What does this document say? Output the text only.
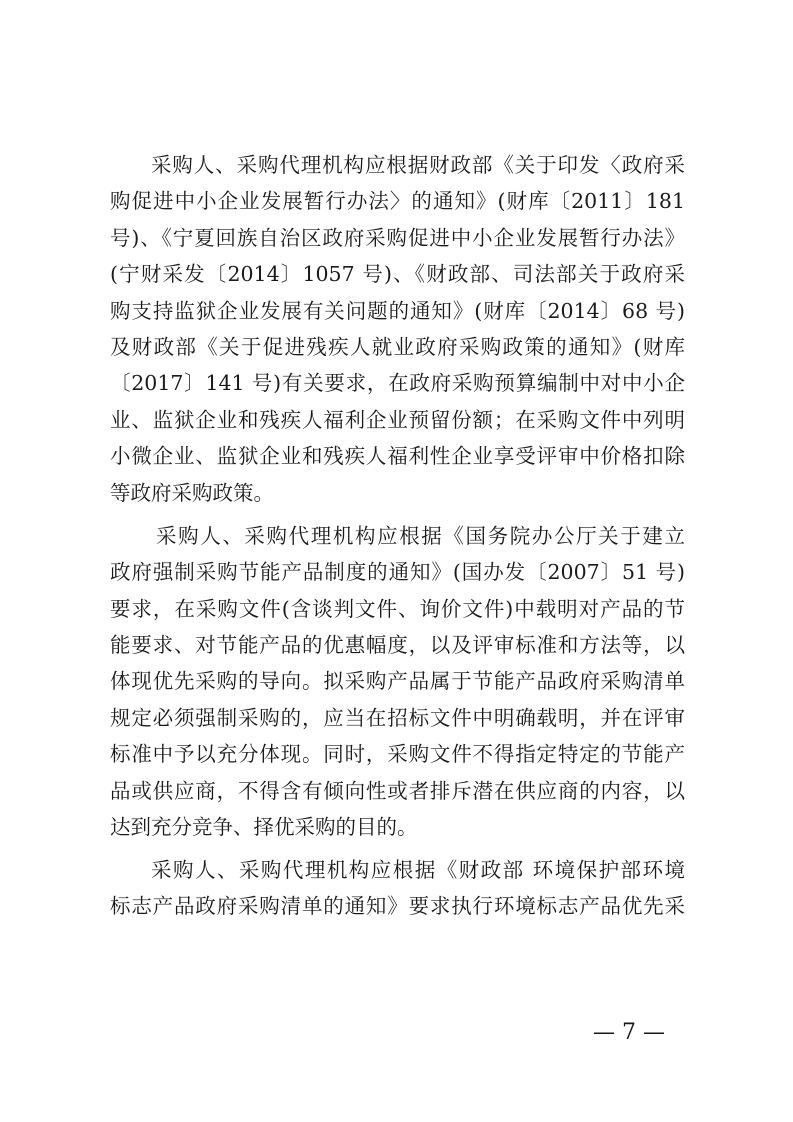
采购人、采购代理机构应根据财政部《关于印发〈政府采
购促进中小企业发展暂行办法〉的通知》(财库〔2011〕181
号)、《宁夏回族自治区政府采购促进中小企业发展暂行办法》
(宁财采发〔2014〕1057 号)、《财政部、司法部关于政府采
购支持监狱企业发展有关问题的通知》(财库〔2014〕68 号)
及财政部《关于促进残疾人就业政府采购政策的通知》(财库
〔2017〕141 号)有关要求，在政府采购预算编制中对中小企
业、监狱企业和残疾人福利企业预留份额；在采购文件中列明
小微企业、监狱企业和残疾人福利性企业享受评审中价格扣除
等政府采购政策。
采购人、采购代理机构应根据《国务院办公厅关于建立
政府强制采购节能产品制度的通知》(国办发〔2007〕51 号)
要求，在采购文件(含谈判文件、询价文件)中载明对产品的节
能要求、对节能产品的优惠幅度，以及评审标准和方法等，以
体现优先采购的导向。拟采购产品属于节能产品政府采购清单
规定必须强制采购的，应当在招标文件中明确载明，并在评审
标准中予以充分体现。同时，采购文件不得指定特定的节能产
品或供应商，不得含有倾向性或者排斥潜在供应商的内容，以
达到充分竞争、择优采购的目的。
采购人、采购代理机构应根据《财政部 环境保护部环境
标志产品政府采购清单的通知》要求执行环境标志产品优先采
— 7 —
